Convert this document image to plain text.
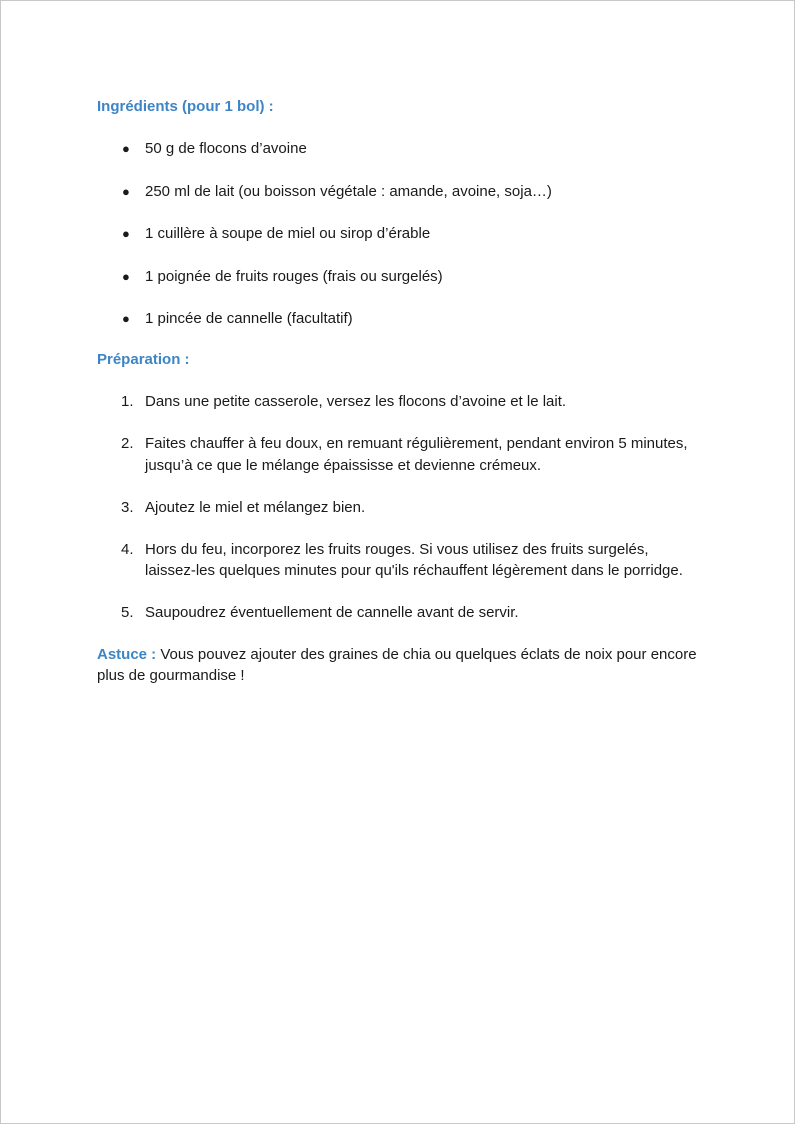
Ingrédients (pour 1 bol) :

● 50 g de flocons d’avoine
● 250 ml de lait (ou boisson végétale : amande, avoine, soja…)
● 1 cuillère à soupe de miel ou sirop d’érable
● 1 poignée de fruits rouges (frais ou surgelés)
● 1 pincée de cannelle (facultatif)

Préparation :

1. Dans une petite casserole, versez les flocons d’avoine et le lait.
2. Faites chauffer à feu doux, en remuant régulièrement, pendant environ 5 minutes, jusqu’à ce que le mélange épaississe et devienne crémeux.
3. Ajoutez le miel et mélangez bien.
4. Hors du feu, incorporez les fruits rouges. Si vous utilisez des fruits surgelés, laissez-les quelques minutes pour qu'ils réchauffent légèrement dans le porridge.
5. Saupoudrez éventuellement de cannelle avant de servir.

Astuce : Vous pouvez ajouter des graines de chia ou quelques éclats de noix pour encore plus de gourmandise !
